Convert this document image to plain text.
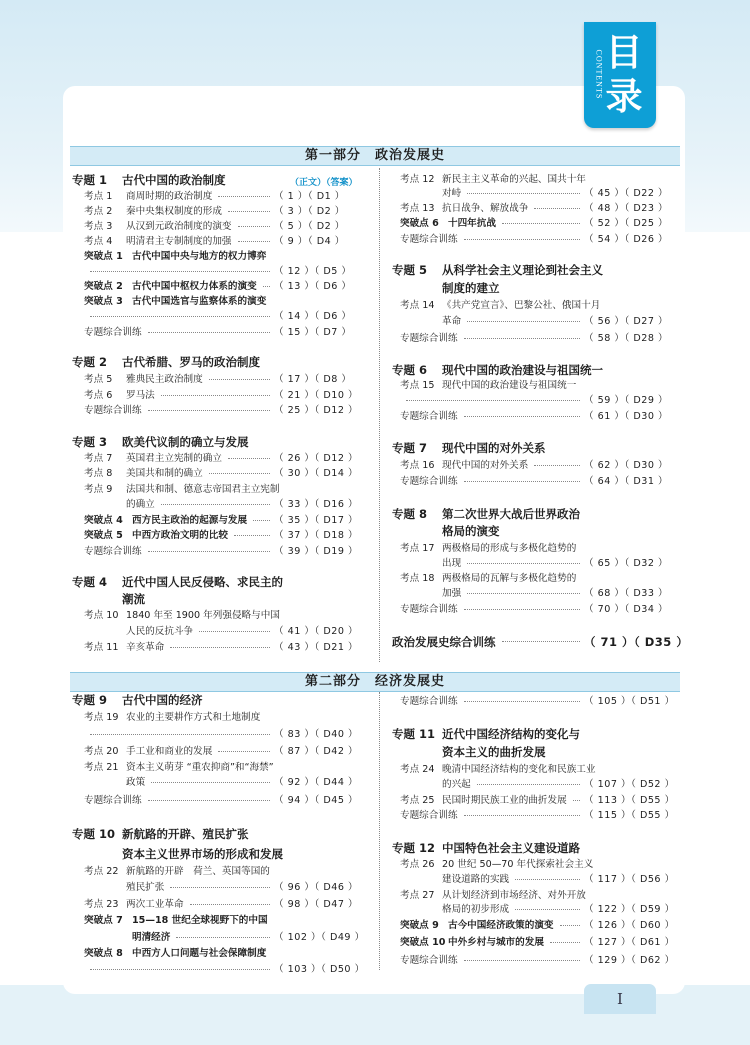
目录
CONTENTS
第一部分　政治发展史
第二部分　经济发展史
（正文）（答案）
专题 1 古代中国的政治制度
考点 1 商周时期的政治制度	（ 1 ）（ D1 ）
考点 2 秦中央集权制度的形成	（ 3 ）（ D2 ）
考点 3 从汉到元政治制度的演变	（ 5 ）（ D2 ）
考点 4 明清君主专制制度的加强	（ 9 ）（ D4 ）
突破点 1 古代中国中央与地方的权力博弈
（ 12 ）（ D5 ）
突破点 2 古代中国中枢权力体系的演变 （ 13 ）（ D6 ）
突破点 3 古代中国选官与监察体系的演变
（ 14 ）（ D6 ）
专题综合训练	（ 15 ）（ D7 ）
专题 2 古代希腊、罗马的政治制度
考点 5 雅典民主政治制度	（ 17 ）（ D8 ）
考点 6 罗马法	（ 21 ）（ D10 ）
专题综合训练	（ 25 ）（ D12 ）
专题 3 欧美代议制的确立与发展
考点 7 英国君主立宪制的确立	（ 26 ）（ D12 ）
考点 8 美国共和制的确立	（ 30 ）（ D14 ）
考点 9 法国共和制、德意志帝国君主立宪制
的确立	（ 33 ）（ D16 ）
突破点 4 西方民主政治的起源与发展	（ 35 ）（ D17 ）
突破点 5 中西方政治文明的比较	（ 37 ）（ D18 ）
专题综合训练	（ 39 ）（ D19 ）
专题 4 近代中国人民反侵略、求民主的
潮流
考点 10 1840 年至 1900 年列强侵略与中国
人民的反抗斗争	（ 41 ）（ D20 ）
考点 11 辛亥革命	（ 43 ）（ D21 ）
考点 12 新民主主义革命的兴起、国共十年
对峙	（ 45 ）（ D22 ）
考点 13 抗日战争、解放战争	（ 48 ）（ D23 ）
突破点 6 十四年抗战	（ 52 ）（ D25 ）
专题综合训练	（ 54 ）（ D26 ）
专题 5 从科学社会主义理论到社会主义
制度的建立
考点 14 《共产党宣言》、巴黎公社、俄国十月
革命	（ 56 ）（ D27 ）
专题综合训练	（ 58 ）（ D28 ）
专题 6 现代中国的政治建设与祖国统一
考点 15 现代中国的政治建设与祖国统一
（ 59 ）（ D29 ）
专题综合训练	（ 61 ）（ D30 ）
专题 7 现代中国的对外关系
考点 16 现代中国的对外关系	（ 62 ）（ D30 ）
专题综合训练	（ 64 ）（ D31 ）
专题 8 第二次世界大战后世界政治
格局的演变
考点 17 两极格局的形成与多极化趋势的
出现	（ 65 ）（ D32 ）
考点 18 两极格局的瓦解与多极化趋势的
加强	（ 68 ）（ D33 ）
专题综合训练	（ 70 ）（ D34 ）
政治发展史综合训练	（ 71 ）（ D35 ）
专题 9 古代中国的经济
考点 19 农业的主要耕作方式和土地制度
（ 83 ）（ D40 ）
考点 20 手工业和商业的发展	（ 87 ）（ D42 ）
考点 21 资本主义萌芽 “重农抑商”和“海禁”
政策	（ 92 ）（ D44 ）
专题综合训练	（ 94 ）（ D45 ）
专题 10 新航路的开辟、殖民扩张
资本主义世界市场的形成和发展
考点 22 新航路的开辟　荷兰、英国等国的
殖民扩张	（ 96 ）（ D46 ）
考点 23 两次工业革命	（ 98 ）（ D47 ）
突破点 7 15—18 世纪全球视野下的中国
明清经济	（ 102 ）（ D49 ）
突破点 8 中西方人口问题与社会保障制度
（ 103 ）（ D50 ）
专题综合训练	（ 105 ）（ D51 ）
专题 11 近代中国经济结构的变化与
资本主义的曲折发展
考点 24 晚清中国经济结构的变化和民族工业
的兴起	（ 107 ）（ D52 ）
考点 25 民国时期民族工业的曲折发展 （ 113 ）（ D55 ）
专题综合训练	（ 115 ）（ D55 ）
专题 12 中国特色社会主义建设道路
考点 26 20 世纪 50—70 年代探索社会主义
建设道路的实践	（ 117 ）（ D56 ）
考点 27 从计划经济到市场经济、对外开放
格局的初步形成	（ 122 ）（ D59 ）
突破点 9 古今中国经济政策的演变	（ 126 ）（ D60 ）
突破点 10 中外乡村与城市的发展	（ 127 ）（ D61 ）
专题综合训练	（ 129 ）（ D62 ）
I
